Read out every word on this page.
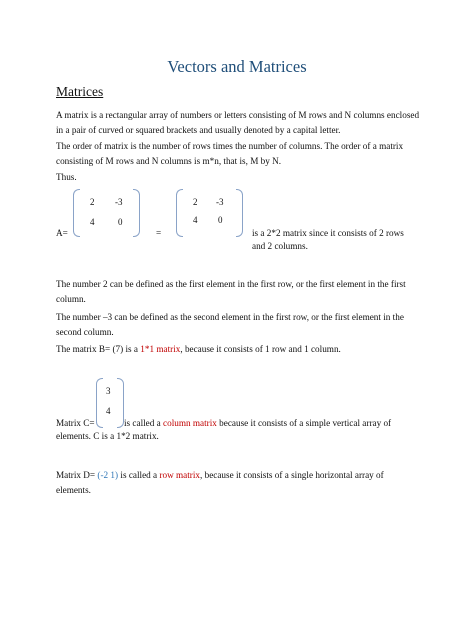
Vectors and Matrices
Matrices

A matrix is a rectangular array of numbers or letters consisting of M rows and N columns enclosed in a pair of curved or squared brackets and usually denoted by a capital letter.

The order of matrix is the number of rows times the number of columns. The order of a matrix consisting of M rows and N columns is m*n, that is, M by N.

Thus.

A=
2 -3
4	0
=
2 -3
4 0
is a 2*2 matrix since it consists of 2 rows
and 2 columns.

The number 2 can be defined as the first element in the first row, or the first element in the first column.

The number –3 can be defined as the second element in the first row, or the first element in the second column.

The matrix B= (7) is a 1*1 matrix, because it consists of 1 row and 1 column.

Matrix C=
3
4
is called a column matrix because it consists of a simple vertical array of
elements. C is a 1*2 matrix.

Matrix D= (-2 1) is called a row matrix, because it consists of a single horizontal array of
elements.
